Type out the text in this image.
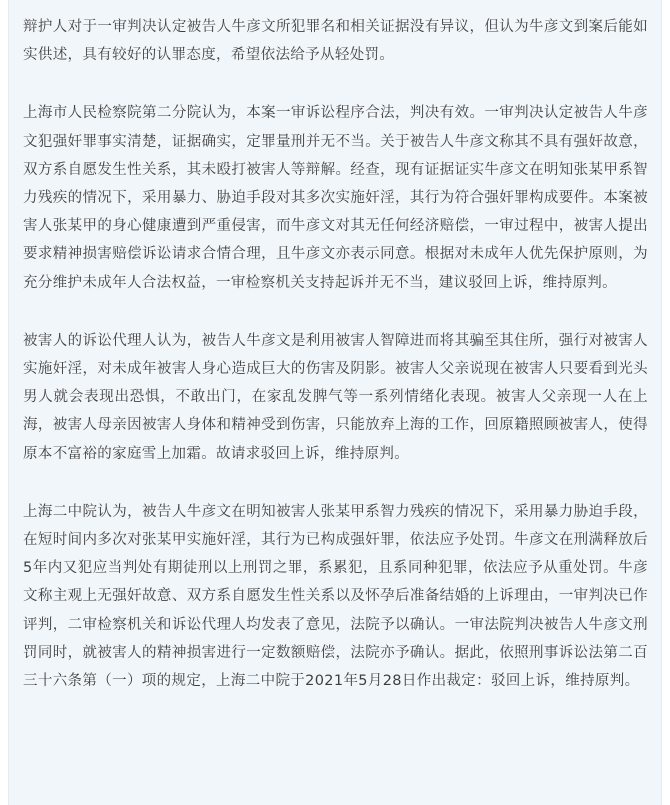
辩护人对于一审判决认定被告人牛彦文所犯罪名和相关证据没有异议，但认为牛彦文到案后能如实供述，具有较好的认罪态度，希望依法给予从轻处罚。

上海市人民检察院第二分院认为，本案一审诉讼程序合法，判决有效。一审判决认定被告人牛彦文犯强奸罪事实清楚，证据确实，定罪量刑并无不当。关于被告人牛彦文称其不具有强奸故意，双方系自愿发生性关系，其未殴打被害人等辩解。经查，现有证据证实牛彦文在明知张某甲系智力残疾的情况下，采用暴力、胁迫手段对其多次实施奸淫，其行为符合强奸罪构成要件。本案被害人张某甲的身心健康遭到严重侵害，而牛彦文对其无任何经济赔偿，一审过程中，被害人提出要求精神损害赔偿诉讼请求合情合理，且牛彦文亦表示同意。根据对未成年人优先保护原则，为充分维护未成年人合法权益，一审检察机关支持起诉并无不当，建议驳回上诉，维持原判。

被害人的诉讼代理人认为，被告人牛彦文是利用被害人智障进而将其骗至其住所，强行对被害人实施奸淫，对未成年被害人身心造成巨大的伤害及阴影。被害人父亲说现在被害人只要看到光头男人就会表现出恐惧，不敢出门，在家乱发脾气等一系列情绪化表现。被害人父亲现一人在上海，被害人母亲因被害人身体和精神受到伤害，只能放弃上海的工作，回原籍照顾被害人，使得原本不富裕的家庭雪上加霜。故请求驳回上诉，维持原判。

上海二中院认为，被告人牛彦文在明知被害人张某甲系智力残疾的情况下，采用暴力胁迫手段，在短时间内多次对张某甲实施奸淫，其行为已构成强奸罪，依法应予处罚。牛彦文在刑满释放后5年内又犯应当判处有期徒刑以上刑罚之罪，系累犯，且系同种犯罪，依法应予从重处罚。牛彦文称主观上无强奸故意、双方系自愿发生性关系以及怀孕后准备结婚的上诉理由，一审判决已作评判，二审检察机关和诉讼代理人均发表了意见，法院予以确认。一审法院判决被告人牛彦文刑罚同时，就被害人的精神损害进行一定数额赔偿，法院亦予确认。据此，依照刑事诉讼法第二百三十六条第（一）项的规定，上海二中院于2021年5月28日作出裁定：驳回上诉，维持原判。
